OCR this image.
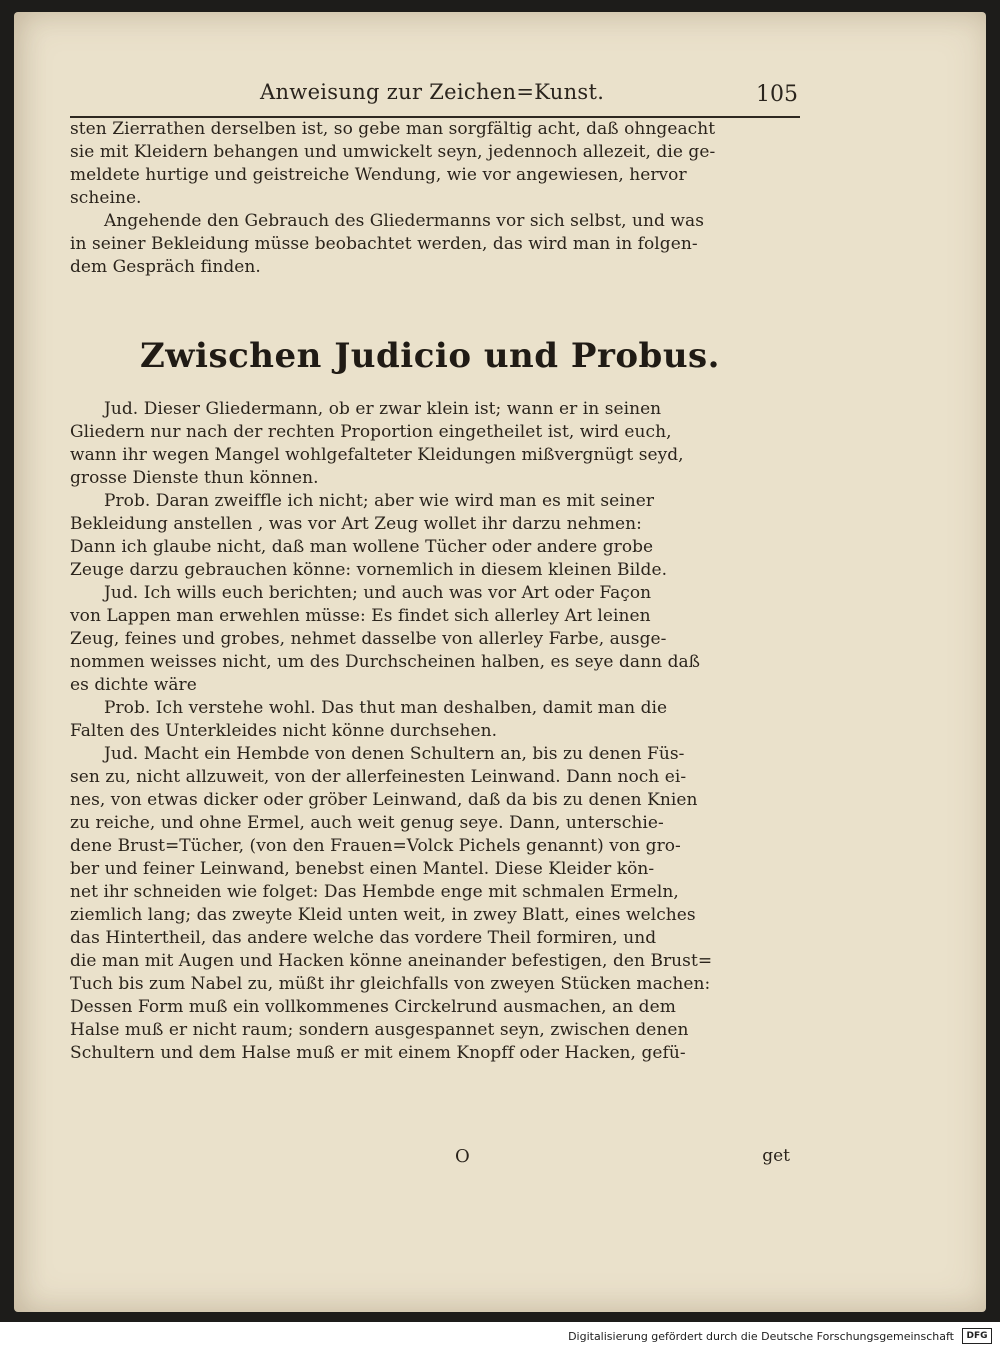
Anweisung zur Zeichen=Kunst.	105
sten Zierrathen derselben ist, so gebe man sorgfältig acht, daß ohngeacht
sie mit Kleidern behangen und umwickelt seyn, jedennoch allezeit, die ge-
meldete hurtige und geistreiche Wendung, wie vor angewiesen, hervor
scheine.
Angehende den Gebrauch des Gliedermanns vor sich selbst, und was
in seiner Bekleidung müsse beobachtet werden, das wird man in folgen-
dem Gespräch finden.
Zwischen Judicio und Probus.
Jud. Dieser Gliedermann, ob er zwar klein ist; wann er in seinen
Gliedern nur nach der rechten Proportion eingetheilet ist, wird euch,
wann ihr wegen Mangel wohlgefalteter Kleidungen mißvergnügt seyd,
grosse Dienste thun können.
Prob. Daran zweiffle ich nicht; aber wie wird man es mit seiner
Bekleidung anstellen , was vor Art Zeug wollet ihr darzu nehmen:
Dann ich glaube nicht, daß man wollene Tücher oder andere grobe
Zeuge darzu gebrauchen könne: vornemlich in diesem kleinen Bilde.
Jud. Ich wills euch berichten; und auch was vor Art oder Façon
von Lappen man erwehlen müsse: Es findet sich allerley Art leinen
Zeug, feines und grobes, nehmet dasselbe von allerley Farbe, ausge-
nommen weisses nicht, um des Durchscheinen halben, es seye dann daß
es dichte wäre
Prob. Ich verstehe wohl. Das thut man deshalben, damit man die
Falten des Unterkleides nicht könne durchsehen.
Jud. Macht ein Hembde von denen Schultern an, bis zu denen Füs-
sen zu, nicht allzuweit, von der allerfeinesten Leinwand. Dann noch ei-
nes, von etwas dicker oder gröber Leinwand, daß da bis zu denen Knien
zu reiche, und ohne Ermel, auch weit genug seye. Dann, unterschie-
dene Brust=Tücher, (von den Frauen=Volck Pichels genannt) von gro-
ber und feiner Leinwand, benebst einen Mantel. Diese Kleider kön-
net ihr schneiden wie folget: Das Hembde enge mit schmalen Ermeln,
ziemlich lang; das zweyte Kleid unten weit, in zwey Blatt, eines welches
das Hintertheil, das andere welche das vordere Theil formiren, und
die man mit Augen und Hacken könne aneinander befestigen, den Brust=
Tuch bis zum Nabel zu, müßt ihr gleichfalls von zweyen Stücken machen:
Dessen Form muß ein vollkommenes Circkelrund ausmachen, an dem
Halse muß er nicht raum; sondern ausgespannet seyn, zwischen denen
Schultern und dem Halse muß er mit einem Knopff oder Hacken, gefü-
O	get
Digitalisierung gefördert durch die Deutsche Forschungsgemeinschaft	DFG
